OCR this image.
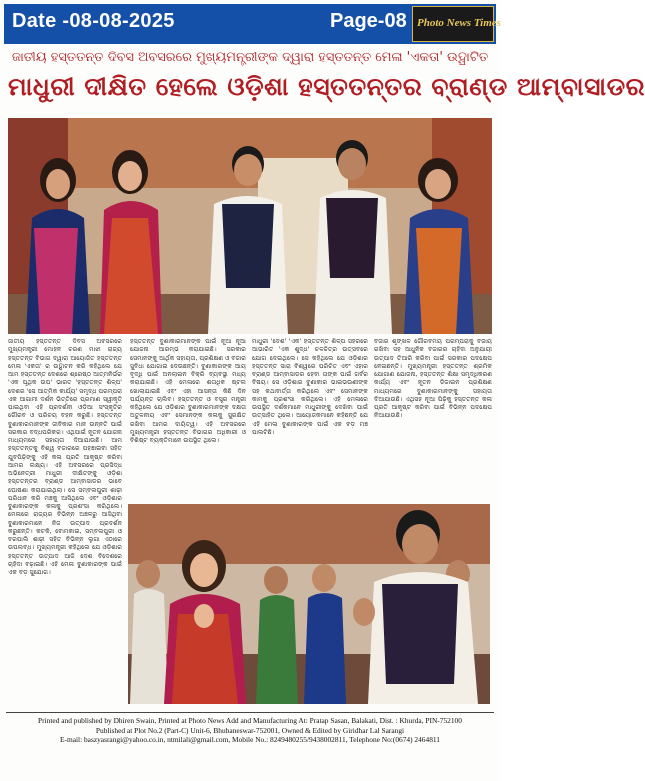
Date -08-08-2025	Page-08 Photo News Times
ଜାତୀୟ ହସ୍ତତନ୍ତ ଦିବସ ଅବସରରେ ମୁଖ୍ୟମନ୍ତ୍ରୀଙ୍କ ଦ୍ୱାରା ହସ୍ତତନ୍ତ ମେଳା 'ଏକତା' ଉଦ୍ଘାଟିତ
ମାଧୁରୀ ଦୀକ୍ଷିତ ହେଲେ ଓଡ଼ିଶା ହସ୍ତତନ୍ତର ବ୍ରାଣ୍ଡ ଆମ୍ବାସାଡର
ଜାତୀୟ ହସ୍ତତନ୍ତ ଦିବସ ଅବସରରେ ମୁଖ୍ୟମନ୍ତ୍ରୀ ମୋହନ ଚରଣ ମାଝୀ ରାଜ୍ୟ ହସ୍ତତନ୍ତ ବିଭାଗ ଦ୍ୱାରା ଆୟୋଜିତ ହସ୍ତତନ୍ତ ମେଳା 'ଏକତା' ର ଉଦ୍ଘାଟନ କରି କହିଥିଲେ ଯେ ଆମ ହସ୍ତତନ୍ତ ଦେଶରେ ଶ୍ରେଷ୍ଠ ଆତ୍ମନିର୍ଭର 'ଏକ ପୃଥିକ ଉପ' ଭାରତ 'ହସ୍ତତନ୍ତ ଶିଳ୍ପ' ଦେଶର 'ସେ ଆତ୍ମିକ କାର୍ଯ୍ୟ' ସମୃଦ୍ଧ ପରମ୍ପରା ଏକ ଆଗାମୀ ଦର୍ଶନ ଭିତ୍ତିରେ ପ୍ରମାଣ ସ୍ୱୀକୃତି ପାଇଥିବା ଏହି ପ୍ରଦର୍ଶନୀ ଓଡ଼ିଆ ସଂସ୍କୃତିର ଗୌରବ ଓ ପରିଚୟ ବହନ କରୁଛି। ହସ୍ତତନ୍ତ ବୁଣାକାରମାନଙ୍କ ଜୀବିକାର ମାନ ଉନ୍ନତି ପାଇଁ ସରକାର ବଦ୍ଧପରିକର। ଏଥିପାଇଁ ନୂତନ ଯୋଜନା ମାଧ୍ୟମରେ ସହାୟତା ଦିଆଯାଉଛି। ଆମ ହସ୍ତତନ୍ତକୁ ବିଶ୍ୱ ବଜାରରେ ପହଞ୍ଚାଇବା ସହିତ ଯୁବପିଢ଼ିଙ୍କୁ ଏହି କଳା ପ୍ରତି ଆକୃଷ୍ଟ କରିବା ଆମର ଲକ୍ଷ୍ୟ। ଏହି ଅବସରରେ ପ୍ରସିଦ୍ଧ ଅଭିନେତ୍ରୀ ମାଧୁରୀ ଦୀକ୍ଷିତଙ୍କୁ ଓଡ଼ିଶା ହସ୍ତତନ୍ତର ବ୍ରାଣ୍ଡ ଆମ୍ବାସାଡର ଭାବେ ଘୋଷଣା କରାଯାଇଥିଲା। ସେ ସମ୍ବଲପୁରୀ ଶାଢ଼ୀ ପରିଧାନ କରି ମଞ୍ଚକୁ ଆସିଥିଲେ ଏବଂ ଓଡ଼ିଶାର ବୁଣାକାରଙ୍କ କଳାକୁ ପ୍ରଶଂସା କରିଥିଲେ। ମେଳାରେ ରାଜ୍ୟର ବିଭିନ୍ନ ଅଞ୍ଚଳରୁ ଆସିଥିବା ବୁଣାକାରମାନେ ନିଜ ଉତ୍ପାଦ ପ୍ରଦର୍ଶନ କରୁଛନ୍ତି। କଟକି, ବୋମକାଇ, ସମ୍ବଲପୁରୀ ଓ ବରପାଲି ଶାଢ଼ୀ ସହିତ ବିଭିନ୍ନ ଲୁଗା ଏଠାରେ ଉପଲବ୍ଧ। ମୁଖ୍ୟମନ୍ତ୍ରୀ କହିଥିଲେ ଯେ ଓଡ଼ିଶାର ହସ୍ତତନ୍ତ ଉତ୍ପାଦ ଆଜି ଦେଶ ବିଦେଶରେ ଚାହିଦା ବଢ଼ାଇଛି। ଏହି ମେଳା ବୁଣାକାରଙ୍କ ପାଇଁ ଏକ ବଡ଼ ସୁଯୋଗ।
ହସ୍ତତନ୍ତ ବୁଣାକାରମାନଙ୍କ ପାଇଁ ନୂଆ ନୂଆ ଯୋଜନା ଆରମ୍ଭ କରାଯାଇଛି। ସରକାର ସେମାନଙ୍କୁ ଆର୍ଥିକ ସହାୟତା, ପ୍ରଶିକ୍ଷଣ ଓ ବଜାର ସୁବିଧା ଯୋଗାଇ ଦେଉଛନ୍ତି। ବୁଣାକାରଙ୍କ ଆୟ ବୃଦ୍ଧି ପାଇଁ ଅନଲାଇନ ବିକ୍ରି ବ୍ୟବସ୍ଥା ମଧ୍ୟ କରାଯାଇଛି। ଏହି ମେଳାରେ ଶତାଧିକ ଷ୍ଟଲ ଖୋଲାଯାଇଛି ଏବଂ ଏହା ଆସନ୍ତା କିଛି ଦିନ ପର୍ଯ୍ୟନ୍ତ ଚାଲିବ। ହସ୍ତତନ୍ତ ଓ ବସ୍ତ୍ର ମନ୍ତ୍ରୀ କହିଥିଲେ ଯେ ଓଡ଼ିଶାର ବୁଣାକାରମାନଙ୍କ ଦକ୍ଷତା ଅତୁଳନୀୟ ଏବଂ ସେମାନଙ୍କ କଳାକୁ ସୁରକ୍ଷିତ ରଖିବା ଆମର ଦାୟିତ୍ୱ। ଏହି ଅବସରରେ ମୁଖ୍ୟମନ୍ତ୍ରୀ ହସ୍ତତନ୍ତ ବିଭାଗର ଅଧିକାରୀ ଓ ବିଶିଷ୍ଟ ବ୍ୟକ୍ତିମାନେ ଉପସ୍ଥିତ ଥିଲେ।
ମାଧୁରୀ 'ଦେଶ' 'ଏକ' ହସ୍ତତନ୍ତ ଶିଳ୍ପ ସହରରେ ଆଭାରିତ 'ଏକ ଶୁଦ୍ଧ' ଚଳଚ୍ଚିତ୍ର ଉତ୍ସବରେ ଯୋଗ ଦେଇଥିଲେ। ସେ କହିଥିଲେ ଯେ ଓଡ଼ିଶାର ହସ୍ତତନ୍ତ ସାରା ବିଶ୍ୱରେ ପରିଚିତ ଏବଂ ଏହାର ବ୍ରାଣ୍ଡ ଆମ୍ବାସାଡର ହେବା ତାଙ୍କ ପାଇଁ ଗର୍ବର ବିଷୟ। ସେ ଓଡ଼ିଶାର ବୁଣାକାର ଭାଇଭଉଣୀଙ୍କ ସହ କଥାବାର୍ତ୍ତା କରିଥିଲେ ଏବଂ ସେମାନଙ୍କ କାମକୁ ପ୍ରଶଂସା କରିଥିଲେ। ଏହି ମେଳାରେ ଉପସ୍ଥିତ ଦର୍ଶକମାନେ ମାଧୁରୀଙ୍କୁ ଦେଖିବା ପାଇଁ ଉତ୍ସାହିତ ଥିଲେ। ଆୟୋଜକମାନେ କହିଛନ୍ତି ଯେ ଏହି ମେଳା ବୁଣାକାରଙ୍କ ପାଇଁ ଏକ ବଡ଼ ମଞ୍ଚ ପାଲଟିଛି।
ବଜାର ଶୃଙ୍ଖଳ ଗୌରବମୟ ପରମ୍ପରାକୁ ବଜାୟ ରଖିବା ସହ ଆଧୁନିକ ବଜାରର ଚାହିଦା ଅନୁଯାୟୀ ଉତ୍ପାଦ ତିଆରି କରିବା ପାଇଁ ସରକାର ପଦକ୍ଷେପ ନେଇଛନ୍ତି। ମୁଖ୍ୟମନ୍ତ୍ରୀ ହସ୍ତତନ୍ତ ଶ୍ରମିକ ଯୋଗାଣ ଯୋଜନା, ହସ୍ତତନ୍ତ ଶିକ୍ଷା ସମୃଦ୍ଧିକରଣ କାର୍ଯ୍ୟ ଏବଂ ନୂତନ ଡିଜାଇନ ପ୍ରଶିକ୍ଷଣ ମାଧ୍ୟମରେ ବୁଣାକାରମାନଙ୍କୁ ସହାୟତା ଦିଆଯାଉଛି। ଏଥିସହ ନୂଆ ପିଢ଼ିକୁ ହସ୍ତତନ୍ତ କଳା ପ୍ରତି ଆକୃଷ୍ଟ କରିବା ପାଇଁ ବିଭିନ୍ନ ପଦକ୍ଷେପ ନିଆଯାଉଛି।
Printed and published by Dhiren Swain, Printed at Photo News Add and Manufacturing At: Pratap Sasan, Balakati, Dist. : Khurda, PIN-752100
Published at Plot No.2 (Part-C) Unit-6, Bhubaneswar-752001, Owned & Edited by Giridhar Lal Sarangi
E-mail: baszyasrangi@yahoo.co.in, ntmilali@gmail.com, Mobile No.: 8249480255/9438002811, Telephone No:(0674) 2464811
